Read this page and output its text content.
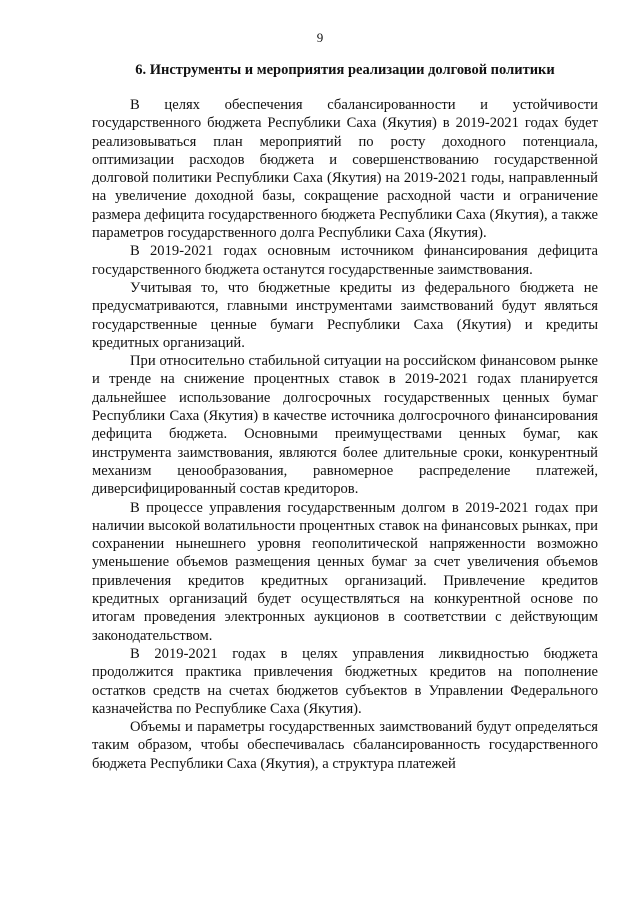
9
6. Инструменты и мероприятия реализации долговой политики

В целях обеспечения сбалансированности и устойчивости государственного бюджета Республики Саха (Якутия) в 2019-2021 годах будет реализовываться план мероприятий по росту доходного потенциала, оптимизации расходов бюджета и совершенствованию государственной долговой политики Республики Саха (Якутия) на 2019-2021 годы, направленный на увеличение доходной базы, сокращение расходной части и ограничение размера дефицита государственного бюджета Республики Саха (Якутия), а также параметров государственного долга Республики Саха (Якутия).

В 2019-2021 годах основным источником финансирования дефицита государственного бюджета останутся государственные заимствования.

Учитывая то, что бюджетные кредиты из федерального бюджета не предусматриваются, главными инструментами заимствований будут являться государственные ценные бумаги Республики Саха (Якутия) и кредиты кредитных организаций.

При относительно стабильной ситуации на российском финансовом рынке и тренде на снижение процентных ставок в 2019-2021 годах планируется дальнейшее использование долгосрочных государственных ценных бумаг Республики Саха (Якутия) в качестве источника долгосрочного финансирования дефицита бюджета. Основными преимуществами ценных бумаг, как инструмента заимствования, являются более длительные сроки, конкурентный механизм ценообразования, равномерное распределение платежей, диверсифицированный состав кредиторов.

В процессе управления государственным долгом в 2019-2021 годах при наличии высокой волатильности процентных ставок на финансовых рынках, при сохранении нынешнего уровня геополитической напряженности возможно уменьшение объемов размещения ценных бумаг за счет увеличения объемов привлечения кредитов кредитных организаций. Привлечение кредитов кредитных организаций будет осуществляться на конкурентной основе по итогам проведения электронных аукционов в соответствии с действующим законодательством.

В 2019-2021 годах в целях управления ликвидностью бюджета продолжится практика привлечения бюджетных кредитов на пополнение остатков средств на счетах бюджетов субъектов в Управлении Федерального казначейства по Республике Саха (Якутия).

Объемы и параметры государственных заимствований будут определяться таким образом, чтобы обеспечивалась сбалансированность государственного бюджета Республики Саха (Якутия), а структура платежей
